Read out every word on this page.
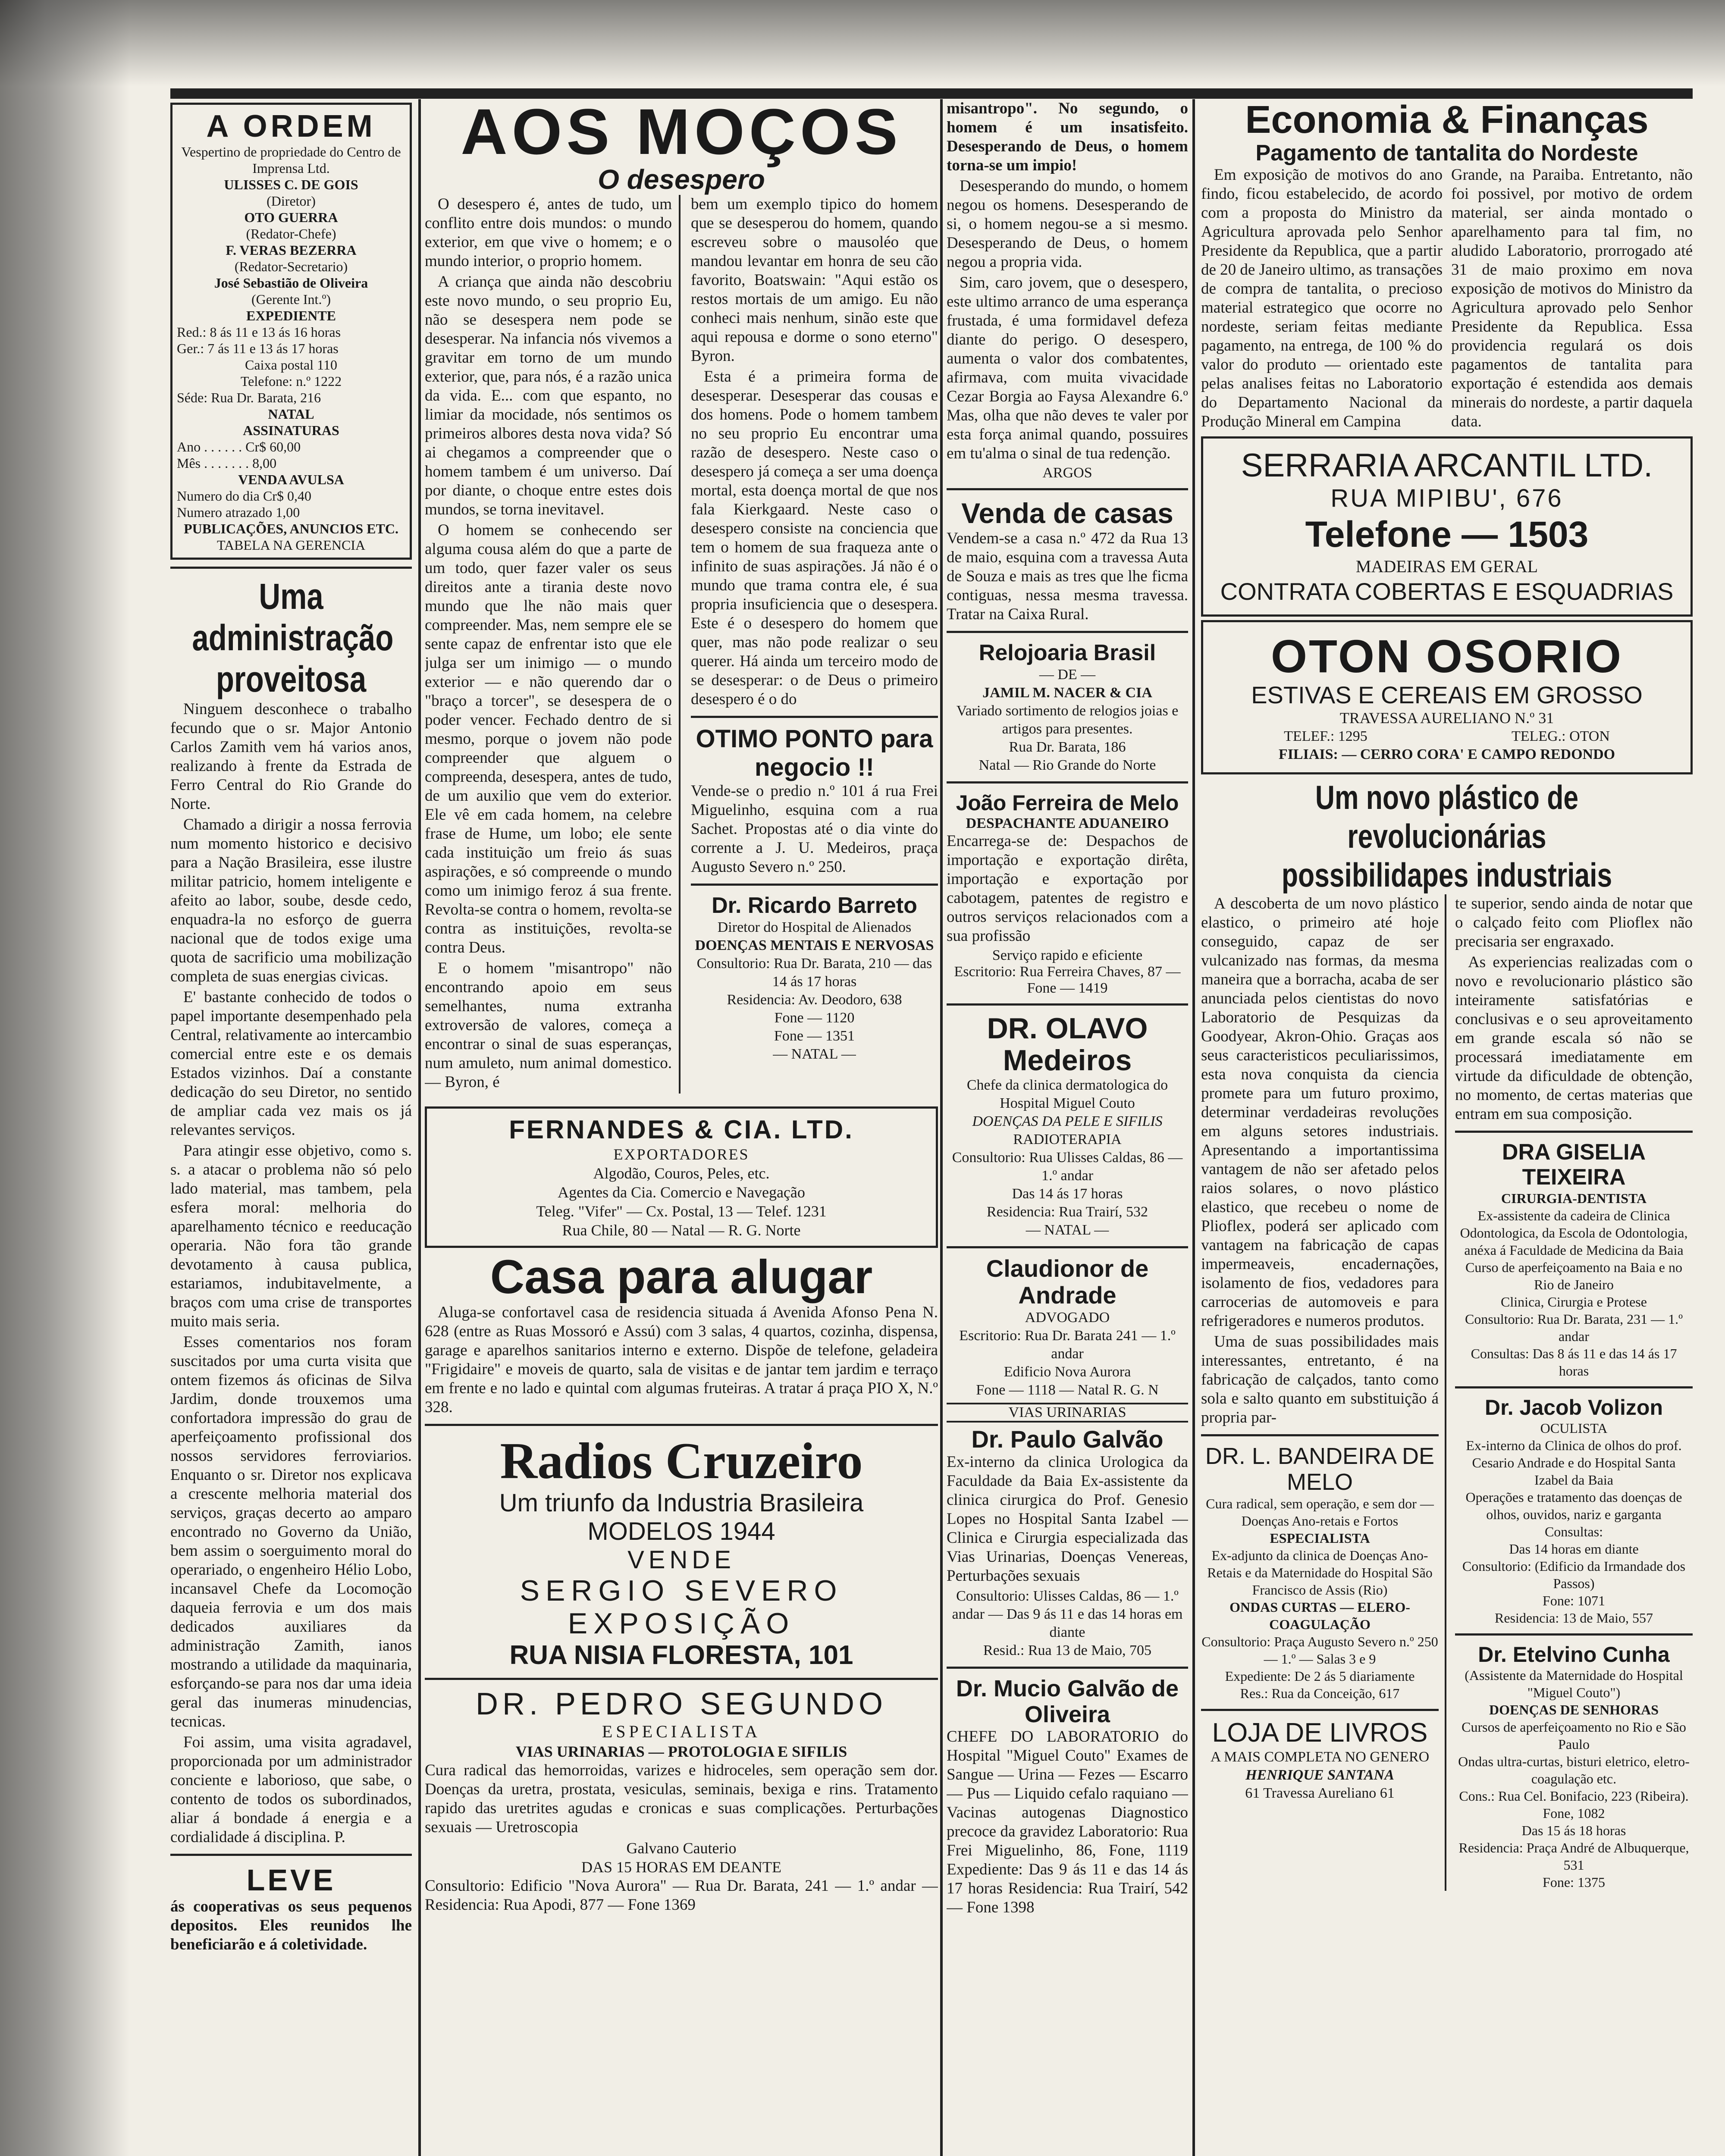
A ORDEM
Vespertino de propriedade do Centro de Imprensa Ltd.
ULISSES C. DE GOIS
(Diretor)
OTO GUERRA
(Redator-Chefe)
F. VERAS BEZERRA
(Redator-Secretario)
José Sebastião de Oliveira
(Gerente Int.º)
EXPEDIENTE
Red.: 8 ás 11 e 13 ás 16 horas
Ger.: 7 ás 11 e 13 ás 17 horas
Caixa postal 110
Telefone: n.º 1222
Séde: Rua Dr. Barata, 216
NATAL
ASSINATURAS
Ano . . . . . . Cr$ 60,00
Mês . . . . . . . 8,00
VENDA AVULSA
Numero do dia Cr$ 0,40
Numero atrazado 1,00
PUBLICAÇÕES, ANUNCIOS ETC.
TABELA NA GERENCIA
Uma administração proveitosa

Ninguem desconhece o trabalho fecundo que o sr. Major Antonio Carlos Zamith vem há varios anos, realizando à frente da Estrada de Ferro Central do Rio Grande do Norte.

Chamado a dirigir a nossa ferrovia num momento historico e decisivo para a Nação Brasileira, esse ilustre militar patricio, homem inteligente e afeito ao labor, soube, desde cedo, enquadra-la no esforço de guerra nacional que de todos exige uma quota de sacrificio uma mobilização completa de suas energias civicas.

E' bastante conhecido de todos o papel importante desempenhado pela Central, relativamente ao intercambio comercial entre este e os demais Estados vizinhos. Daí a constante dedicação do seu Diretor, no sentido de ampliar cada vez mais os já relevantes serviços.

Para atingir esse objetivo, como s. s. a atacar o problema não só pelo lado material, mas tambem, pela esfera moral: melhoria do aparelhamento técnico e reeducação operaria. Não fora tão grande devotamento à causa publica, estariamos, indubitavelmente, a braços com uma crise de transportes muito mais seria.

Esses comentarios nos foram suscitados por uma curta visita que ontem fizemos ás oficinas de Silva Jardim, donde trouxemos uma confortadora impressão do grau de aperfeiçoamento profissional dos nossos servidores ferroviarios. Enquanto o sr. Diretor nos explicava a crescente melhoria material dos serviços, graças decerto ao amparo encontrado no Governo da União, bem assim o soerguimento moral do operariado, o engenheiro Hélio Lobo, incansavel Chefe da Locomoção daqueia ferrovia e um dos mais dedicados auxiliares da administração Zamith, ianos mostrando a utilidade da maquinaria, esforçando-se para nos dar uma ideia geral das inumeras minudencias, tecnicas.

Foi assim, uma visita agradavel, proporcionada por um administrador conciente e laborioso, que sabe, o contento de todos os subordinados, aliar á bondade á energia e a cordialidade á disciplina. P.

LEVE

ás cooperativas os seus pequenos depositos. Eles reunidos lhe beneficiarão e á coletividade.

AOS MOÇOS
O desespero

O desespero é, antes de tudo, um conflito entre dois mundos: o mundo exterior, em que vive o homem; e o mundo interior, o proprio homem.

A criança que ainda não descobriu este novo mundo, o seu proprio Eu, não se desespera nem pode se desesperar. Na infancia nós vivemos a gravitar em torno de um mundo exterior, que, para nós, é a razão unica da vida. E... com que espanto, no limiar da mocidade, nós sentimos os primeiros albores desta nova vida? Só ai chegamos a compreender que o homem tambem é um universo. Daí por diante, o choque entre estes dois mundos, se torna inevitavel.

O homem se conhecendo ser alguma cousa além do que a parte de um todo, quer fazer valer os seus direitos ante a tirania deste novo mundo que lhe não mais quer compreender. Mas, nem sempre ele se sente capaz de enfrentar isto que ele julga ser um inimigo — o mundo exterior — e não querendo dar o "braço a torcer", se desespera de o poder vencer. Fechado dentro de si mesmo, porque o jovem não pode compreender que alguem o compreenda, desespera, antes de tudo, de um auxilio que vem do exterior. Ele vê em cada homem, na celebre frase de Hume, um lobo; ele sente cada instituição um freio ás suas aspirações, e só compreende o mundo como um inimigo feroz á sua frente. Revolta-se contra o homem, revolta-se contra as instituições, revolta-se contra Deus.

E o homem "misantropo" não encontrando apoio em seus semelhantes, numa extranha extroversão de valores, começa a encontrar o sinal de suas esperanças, num amuleto, num animal domestico. — Byron, é

bem um exemplo tipico do homem que se desesperou do homem, quando escreveu sobre o mausoléo que mandou levantar em honra de seu cão favorito, Boatswain: "Aqui estão os restos mortais de um amigo. Eu não conheci mais nenhum, sinão este que aqui repousa e dorme o sono eterno" Byron.

Esta é a primeira forma de desesperar. Desesperar das cousas e dos homens. Pode o homem tambem no seu proprio Eu encontrar uma razão de desespero. Neste caso o desespero já começa a ser uma doença mortal, esta doença mortal de que nos fala Kierkgaard. Neste caso o desespero consiste na conciencia que tem o homem de sua fraqueza ante o infinito de suas aspirações. Já não é o mundo que trama contra ele, é sua propria insuficiencia que o desespera. Este é o desespero do homem que quer, mas não pode realizar o seu querer. Há ainda um terceiro modo de se desesperar: o de Deus o primeiro desespero é o do

OTIMO PONTO para negocio !!

Vende-se o predio n.º 101 á rua Frei Miguelinho, esquina com a rua Sachet. Propostas até o dia vinte do corrente a J. U. Medeiros, praça Augusto Severo n.º 250.

Dr. Ricardo Barreto
Diretor do Hospital de Alienados
DOENÇAS MENTAIS E NERVOSAS
Consultorio: Rua Dr. Barata, 210 — das 14 ás 17 horas
Residencia: Av. Deodoro, 638
Fone — 1120
Fone — 1351
— NATAL —
FERNANDES & CIA. LTD.
EXPORTADORES
Algodão, Couros, Peles, etc.
Agentes da Cia. Comercio e Navegação
Teleg. "Vifer" — Cx. Postal, 13 — Telef. 1231
Rua Chile, 80 — Natal — R. G. Norte
Casa para alugar

Aluga-se confortavel casa de residencia situada á Avenida Afonso Pena N. 628 (entre as Ruas Mossoró e Assú) com 3 salas, 4 quartos, cozinha, dispensa, garage e aparelhos sanitarios interno e externo. Dispõe de telefone, geladeira "Frigidaire" e moveis de quarto, sala de visitas e de jantar tem jardim e terraço em frente e no lado e quintal com algumas fruteiras. A tratar á praça PIO X, N.º 328.

Radios Cruzeiro
Um triunfo da Industria Brasileira
MODELOS 1944
VENDE
SERGIO SEVERO
EXPOSIÇÃO
RUA NISIA FLORESTA, 101
DR. PEDRO SEGUNDO
ESPECIALISTA
VIAS URINARIAS — PROTOLOGIA E SIFILIS

Cura radical das hemorroidas, varizes e hidroceles, sem operação sem dor. Doenças da uretra, prostata, vesiculas, seminais, bexiga e rins. Tratamento rapido das uretrites agudas e cronicas e suas complicações. Perturbações sexuais — Uretroscopia

Galvano Cauterio
DAS 15 HORAS EM DEANTE

Consultorio: Edificio "Nova Aurora" — Rua Dr. Barata, 241 — 1.º andar — Residencia: Rua Apodi, 877 — Fone 1369

misantropo". No segundo, o homem é um insatisfeito. Desesperando de Deus, o homem torna-se um impio!

Desesperando do mundo, o homem negou os homens. Desesperando de si, o homem negou-se a si mesmo. Desesperando de Deus, o homem negou a propria vida.

Sim, caro jovem, que o desespero, este ultimo arranco de uma esperança frustada, é uma formidavel defeza diante do perigo. O desespero, aumenta o valor dos combatentes, afirmava, com muita vivacidade Cezar Borgia ao Faysa Alexandre 6.º Mas, olha que não deves te valer por esta força animal quando, possuires em tu'alma o sinal de tua redenção.

ARGOS
Venda de casas

Vendem-se a casa n.º 472 da Rua 13 de maio, esquina com a travessa Auta de Souza e mais as tres que lhe ficma contiguas, nessa mesma travessa. Tratar na Caixa Rural.

Relojoaria Brasil
— DE —
JAMIL M. NACER & CIA
Variado sortimento de relogios joias e artigos para presentes.
Rua Dr. Barata, 186
Natal — Rio Grande do Norte
João Ferreira de Melo
DESPACHANTE ADUANEIRO

Encarrega-se de: Despachos de importação e exportação dirêta, importação e exportação por cabotagem, patentes de registro e outros serviços relacionados com a sua profissão

Serviço rapido e eficiente
Escritorio: Rua Ferreira Chaves, 87 — Fone — 1419
DR. OLAVO Medeiros
Chefe da clinica dermatologica do Hospital Miguel Couto
DOENÇAS DA PELE E SIFILIS
RADIOTERAPIA
Consultorio: Rua Ulisses Caldas, 86 — 1.º andar
Das 14 ás 17 horas
Residencia: Rua Trairí, 532
— NATAL —
Claudionor de Andrade
ADVOGADO
Escritorio: Rua Dr. Barata 241 — 1.º andar
Edificio Nova Aurora
Fone — 1118 — Natal R. G. N
VIAS URINARIAS
Dr. Paulo Galvão

Ex-interno da clinica Urologica da Faculdade da Baia Ex-assistente da clinica cirurgica do Prof. Genesio Lopes no Hospital Santa Izabel — Clinica e Cirurgia especializada das Vias Urinarias, Doenças Venereas, Perturbações sexuais

Consultorio: Ulisses Caldas, 86 — 1.º andar — Das 9 ás 11 e das 14 horas em diante
Resid.: Rua 13 de Maio, 705
Dr. Mucio Galvão de Oliveira

CHEFE DO LABORATORIO do Hospital "Miguel Couto" Exames de Sangue — Urina — Fezes — Escarro — Pus — Liquido cefalo raquiano — Vacinas autogenas Diagnostico precoce da gravidez Laboratorio: Rua Frei Miguelinho, 86, Fone, 1119 Expediente: Das 9 ás 11 e das 14 ás 17 horas Residencia: Rua Trairí, 542 — Fone 1398

Economia & Finanças
Pagamento de tantalita do Nordeste

Em exposição de motivos do ano findo, ficou estabelecido, de acordo com a proposta do Ministro da Agricultura aprovada pelo Senhor Presidente da Republica, que a partir de 20 de Janeiro ultimo, as transações de compra de tantalita, o precioso material estrategico que ocorre no nordeste, seriam feitas mediante pagamento, na entrega, de 100 % do valor do produto — orientado este pelas analises feitas no Laboratorio do Departamento Nacional da Produção Mineral em Campina

Grande, na Paraiba. Entretanto, não foi possivel, por motivo de ordem material, ser ainda montado o aparelhamento para tal fim, no aludido Laboratorio, prorrogado até 31 de maio proximo em nova exposição de motivos do Ministro da Agricultura aprovado pelo Senhor Presidente da Republica. Essa providencia regulará os dois pagamentos de tantalita para exportação é estendida aos demais minerais do nordeste, a partir daquela data.

SERRARIA ARCANTIL LTD.
RUA MIPIBU', 676
Telefone — 1503
MADEIRAS EM GERAL
CONTRATA COBERTAS E ESQUADRIAS
OTON OSORIO
ESTIVAS E CEREAIS EM GROSSO
TRAVESSA AURELIANO N.º 31
TELEF.: 1295	TELEG.: OTON
FILIAIS: — CERRO CORA' E CAMPO REDONDO
Um novo plástico de revolucionárias possibilidapes industriais

A descoberta de um novo plástico elastico, o primeiro até hoje conseguido, capaz de ser vulcanizado nas formas, da mesma maneira que a borracha, acaba de ser anunciada pelos cientistas do novo Laboratorio de Pesquizas da Goodyear, Akron-Ohio. Graças aos seus caracteristicos peculiarissimos, esta nova conquista da ciencia promete para um futuro proximo, determinar verdadeiras revoluções em alguns setores industriais. Apresentando a importantissima vantagem de não ser afetado pelos raios solares, o novo plástico elastico, que recebeu o nome de Plioflex, poderá ser aplicado com vantagem na fabricação de capas impermeaveis, encadernações, isolamento de fios, vedadores para carrocerias de automoveis e para refrigeradores e numeros produtos.

Uma de suas possibilidades mais interessantes, entretanto, é na fabricação de calçados, tanto como sola e salto quanto em substituição á propria par-

DR. L. BANDEIRA DE MELO
Cura radical, sem operação, e sem dor — Doenças Ano-retais e Fortos
ESPECIALISTA
Ex-adjunto da clinica de Doenças Ano-Retais e da Maternidade do Hospital São Francisco de Assis (Rio)
ONDAS CURTAS — ELERO-COAGULAÇÃO
Consultorio: Praça Augusto Severo n.º 250 — 1.º — Salas 3 e 9
Expediente: De 2 ás 5 diariamente
Res.: Rua da Conceição, 617
LOJA DE LIVROS
A MAIS COMPLETA NO GENERO
HENRIQUE SANTANA
61 Travessa Aureliano 61

te superior, sendo ainda de notar que o calçado feito com Plioflex não precisaria ser engraxado.

As experiencias realizadas com o novo e revolucionario plástico são inteiramente satisfatórias e conclusivas e o seu aproveitamento em grande escala só não se processará imediatamente em virtude da dificuldade de obtenção, no momento, de certas materias que entram em sua composição.

DRA GISELIA TEIXEIRA
CIRURGIA-DENTISTA
Ex-assistente da cadeira de Clinica Odontologica, da Escola de Odontologia, anéxa á Faculdade de Medicina da Baia
Curso de aperfeiçoamento na Baia e no Rio de Janeiro
Clinica, Cirurgia e Protese
Consultorio: Rua Dr. Barata, 231 — 1.º andar
Consultas: Das 8 ás 11 e das 14 ás 17 horas
Dr. Jacob Volizon
OCULISTA
Ex-interno da Clinica de olhos do prof. Cesario Andrade e do Hospital Santa Izabel da Baia
Operações e tratamento das doenças de olhos, ouvidos, nariz e garganta
Consultas:
Das 14 horas em diante
Consultorio: (Edificio da Irmandade dos Passos)
Fone: 1071
Residencia: 13 de Maio, 557
Dr. Etelvino Cunha
(Assistente da Maternidade do Hospital "Miguel Couto")
DOENÇAS DE SENHORAS
Cursos de aperfeiçoamento no Rio e São Paulo
Ondas ultra-curtas, bisturi eletrico, eletro-coagulação etc.
Cons.: Rua Cel. Bonifacio, 223 (Ribeira). Fone, 1082
Das 15 ás 18 horas
Residencia: Praça André de Albuquerque, 531
Fone: 1375
